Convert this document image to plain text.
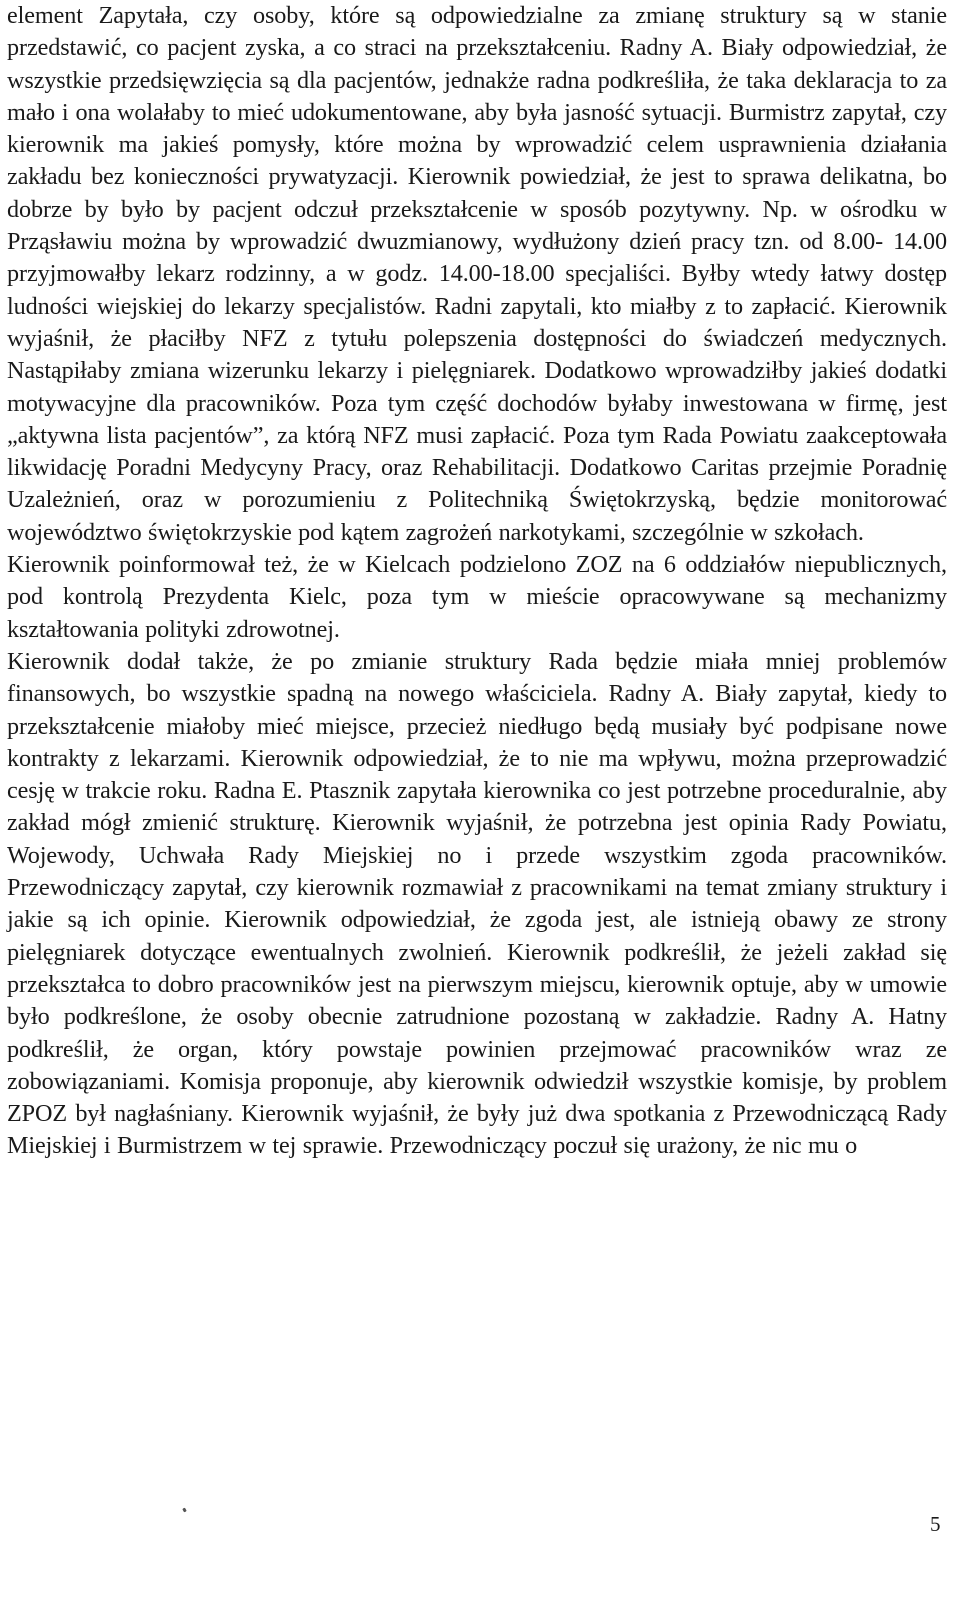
element Zapytała, czy osoby, które są odpowiedzialne za zmianę struktury są w stanie przedstawić, co pacjent zyska, a co straci na przekształceniu. Radny A. Biały odpowiedział, że wszystkie przedsięwzięcia są dla pacjentów, jednakże radna podkreśliła, że taka deklaracja to za mało i ona wolałaby to mieć udokumentowane, aby była jasność sytuacji. Burmistrz zapytał, czy kierownik ma jakieś pomysły, które można by wprowadzić celem usprawnienia działania zakładu bez konieczności prywatyzacji. Kierownik powiedział, że jest to sprawa delikatna, bo dobrze by było by pacjent odczuł przekształcenie w sposób pozytywny. Np. w ośrodku w Prząsławiu można by wprowadzić dwuzmianowy, wydłużony dzień pracy tzn. od 8.00- 14.00 przyjmowałby lekarz rodzinny, a w godz. 14.00-18.00 specjaliści. Byłby wtedy łatwy dostęp ludności wiejskiej do lekarzy specjalistów. Radni zapytali, kto miałby z to zapłacić. Kierownik wyjaśnił, że płaciłby NFZ z tytułu polepszenia dostępności do świadczeń medycznych. Nastąpiłaby zmiana wizerunku lekarzy i pielęgniarek. Dodatkowo wprowadziłby jakieś dodatki motywacyjne dla pracowników. Poza tym część dochodów byłaby inwestowana w firmę, jest „aktywna lista pacjentów”, za którą NFZ musi zapłacić. Poza tym Rada Powiatu zaakceptowała likwidację Poradni Medycyny Pracy, oraz Rehabilitacji. Dodatkowo Caritas przejmie Poradnię Uzależnień, oraz w porozumieniu z Politechniką Świętokrzyską, będzie monitorować województwo świętokrzyskie pod kątem zagrożeń narkotykami, szczególnie w szkołach.

Kierownik poinformował też, że w Kielcach podzielono ZOZ na 6 oddziałów niepublicznych, pod kontrolą Prezydenta Kielc, poza tym w mieście opracowywane są mechanizmy kształtowania polityki zdrowotnej.

Kierownik dodał także, że po zmianie struktury Rada będzie miała mniej problemów finansowych, bo wszystkie spadną na nowego właściciela. Radny A. Biały zapytał, kiedy to przekształcenie miałoby mieć miejsce, przecież niedługo będą musiały być podpisane nowe kontrakty z lekarzami. Kierownik odpowiedział, że to nie ma wpływu, można przeprowadzić cesję w trakcie roku. Radna E. Ptasznik zapytała kierownika co jest potrzebne proceduralnie, aby zakład mógł zmienić strukturę. Kierownik wyjaśnił, że potrzebna jest opinia Rady Powiatu, Wojewody, Uchwała Rady Miejskiej no i przede wszystkim zgoda pracowników. Przewodniczący zapytał, czy kierownik rozmawiał z pracownikami na temat zmiany struktury i jakie są ich opinie. Kierownik odpowiedział, że zgoda jest, ale istnieją obawy ze strony pielęgniarek dotyczące ewentualnych zwolnień. Kierownik podkreślił, że jeżeli zakład się przekształca to dobro pracowników jest na pierwszym miejscu, kierownik optuje, aby w umowie było podkreślone, że osoby obecnie zatrudnione pozostaną w zakładzie. Radny A. Hatny podkreślił, że organ, który powstaje powinien przejmować pracowników wraz ze zobowiązaniami. Komisja proponuje, aby kierownik odwiedził wszystkie komisje, by problem ZPOZ był nagłaśniany. Kierownik wyjaśnił, że były już dwa spotkania z Przewodniczącą Rady Miejskiej i Burmistrzem w tej sprawie. Przewodniczący poczuł się urażony, że nic mu o

5
